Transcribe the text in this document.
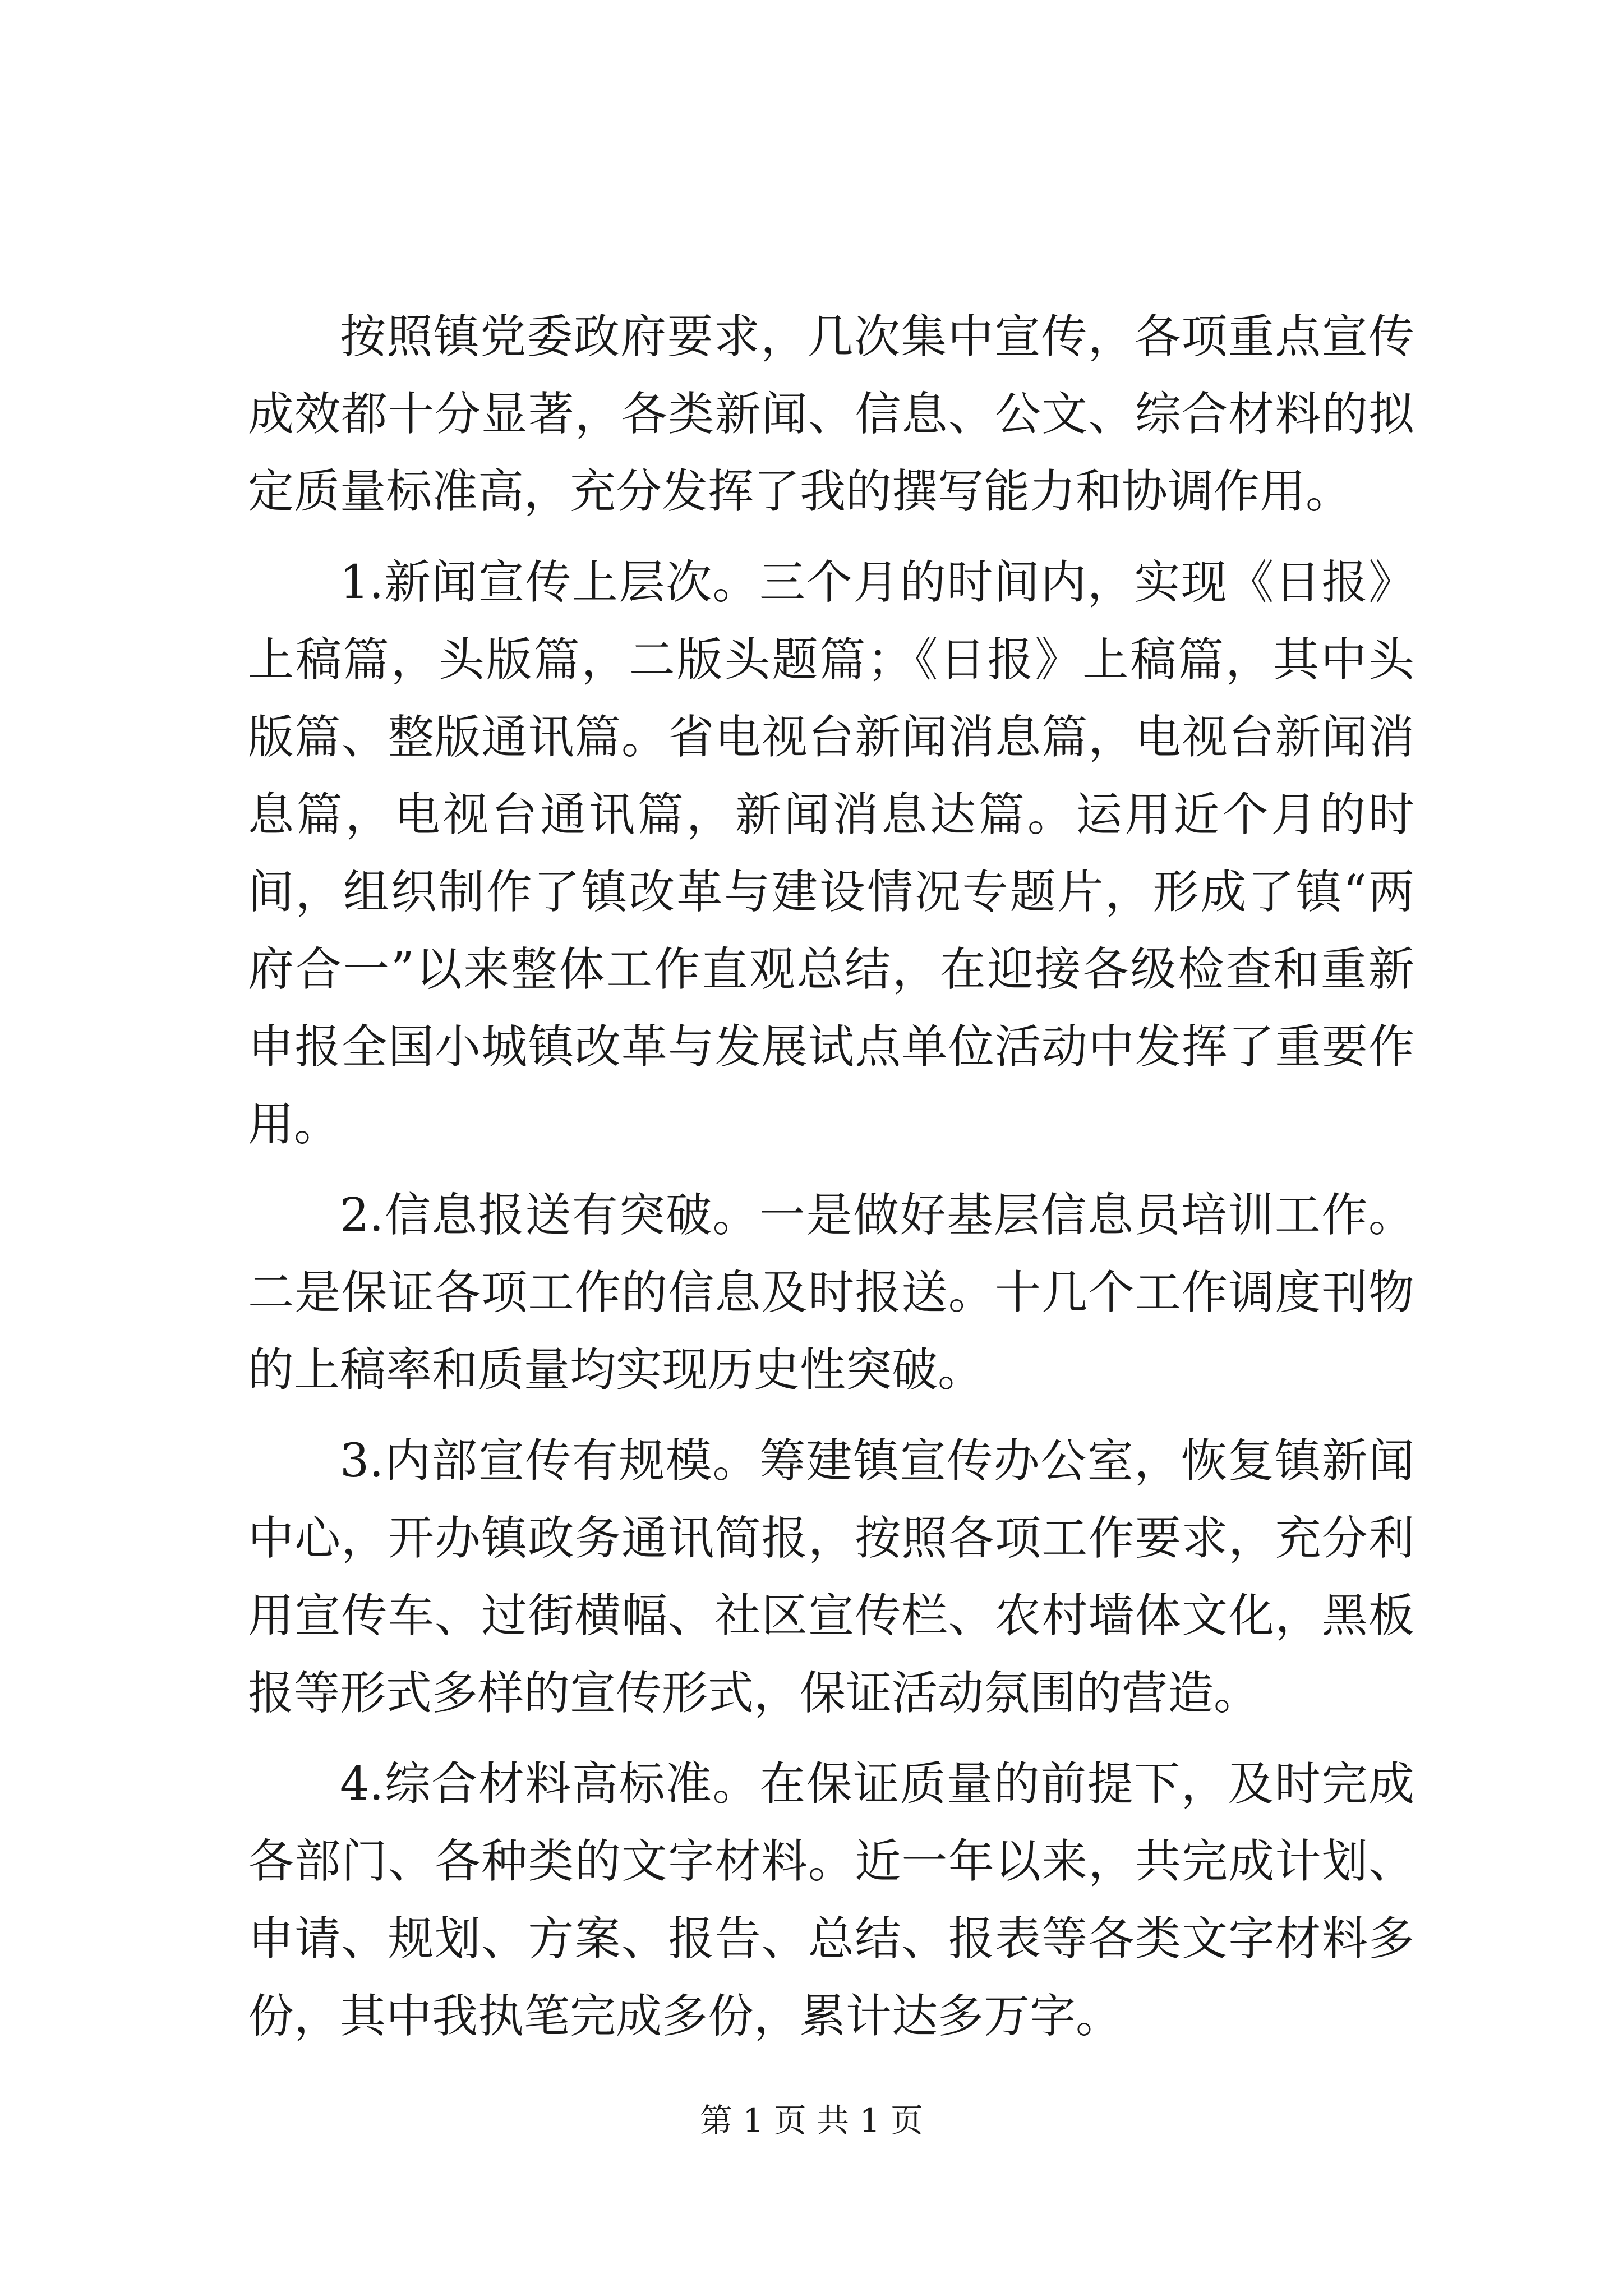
按照镇党委政府要求，几次集中宣传，各项重点宣传成效都十分显著，各类新闻、信息、公文、综合材料的拟定质量标准高，充分发挥了我的撰写能力和协调作用。

1.新闻宣传上层次。三个月的时间内，实现《日报》上稿篇，头版篇，二版头题篇；《日报》上稿篇，其中头版篇、整版通讯篇。省电视台新闻消息篇，电视台新闻消息篇，电视台通讯篇，新闻消息达篇。运用近个月的时间，组织制作了镇改革与建设情况专题片，形成了镇“两府合一”以来整体工作直观总结，在迎接各级检查和重新申报全国小城镇改革与发展试点单位活动中发挥了重要作用。

2.信息报送有突破。一是做好基层信息员培训工作。二是保证各项工作的信息及时报送。十几个工作调度刊物的上稿率和质量均实现历史性突破。

3.内部宣传有规模。筹建镇宣传办公室，恢复镇新闻中心，开办镇政务通讯简报，按照各项工作要求，充分利用宣传车、过街横幅、社区宣传栏、农村墙体文化，黑板报等形式多样的宣传形式，保证活动氛围的营造。

4.综合材料高标准。在保证质量的前提下，及时完成各部门、各种类的文字材料。近一年以来，共完成计划、申请、规划、方案、报告、总结、报表等各类文字材料多份，其中我执笔完成多份，累计达多万字。

第 1 页 共 1 页
